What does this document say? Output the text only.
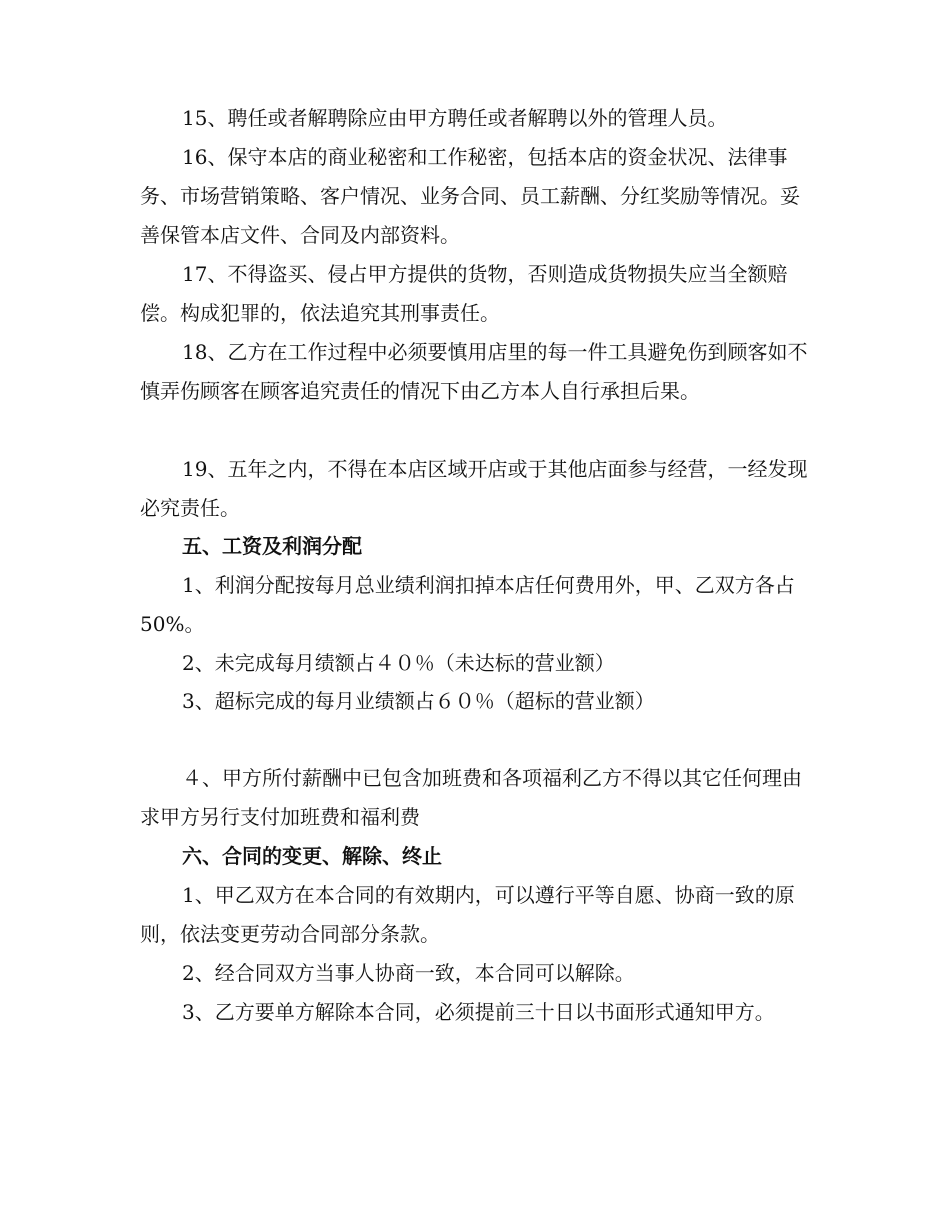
15、聘任或者解聘除应由甲方聘任或者解聘以外的管理人员。

16、保守本店的商业秘密和工作秘密，包括本店的资金状况、法律事务、市场营销策略、客户情况、业务合同、员工薪酬、分红奖励等情况。妥善保管本店文件、合同及内部资料。

17、不得盗买、侵占甲方提供的货物，否则造成货物损失应当全额赔偿。构成犯罪的，依法追究其刑事责任。

18、乙方在工作过程中必须要慎用店里的每一件工具避免伤到顾客如不慎弄伤顾客在顾客追究责任的情况下由乙方本人自行承担后果。

19、五年之内，不得在本店区域开店或于其他店面参与经营，一经发现必究责任。

五、工资及利润分配

1、利润分配按每月总业绩利润扣掉本店任何费用外，甲、乙双方各占　50%。

2、未完成每月绩额占４０％（未达标的营业额）

3、超标完成的每月业绩额占６０％（超标的营业额）

４、甲方所付薪酬中已包含加班费和各项福利乙方不得以其它任何理由求甲方另行支付加班费和福利费

六、合同的变更、解除、终止

1、甲乙双方在本合同的有效期内，可以遵行平等自愿、协商一致的原则，依法变更劳动合同部分条款。

2、经合同双方当事人协商一致，本合同可以解除。

3、乙方要单方解除本合同，必须提前三十日以书面形式通知甲方。
